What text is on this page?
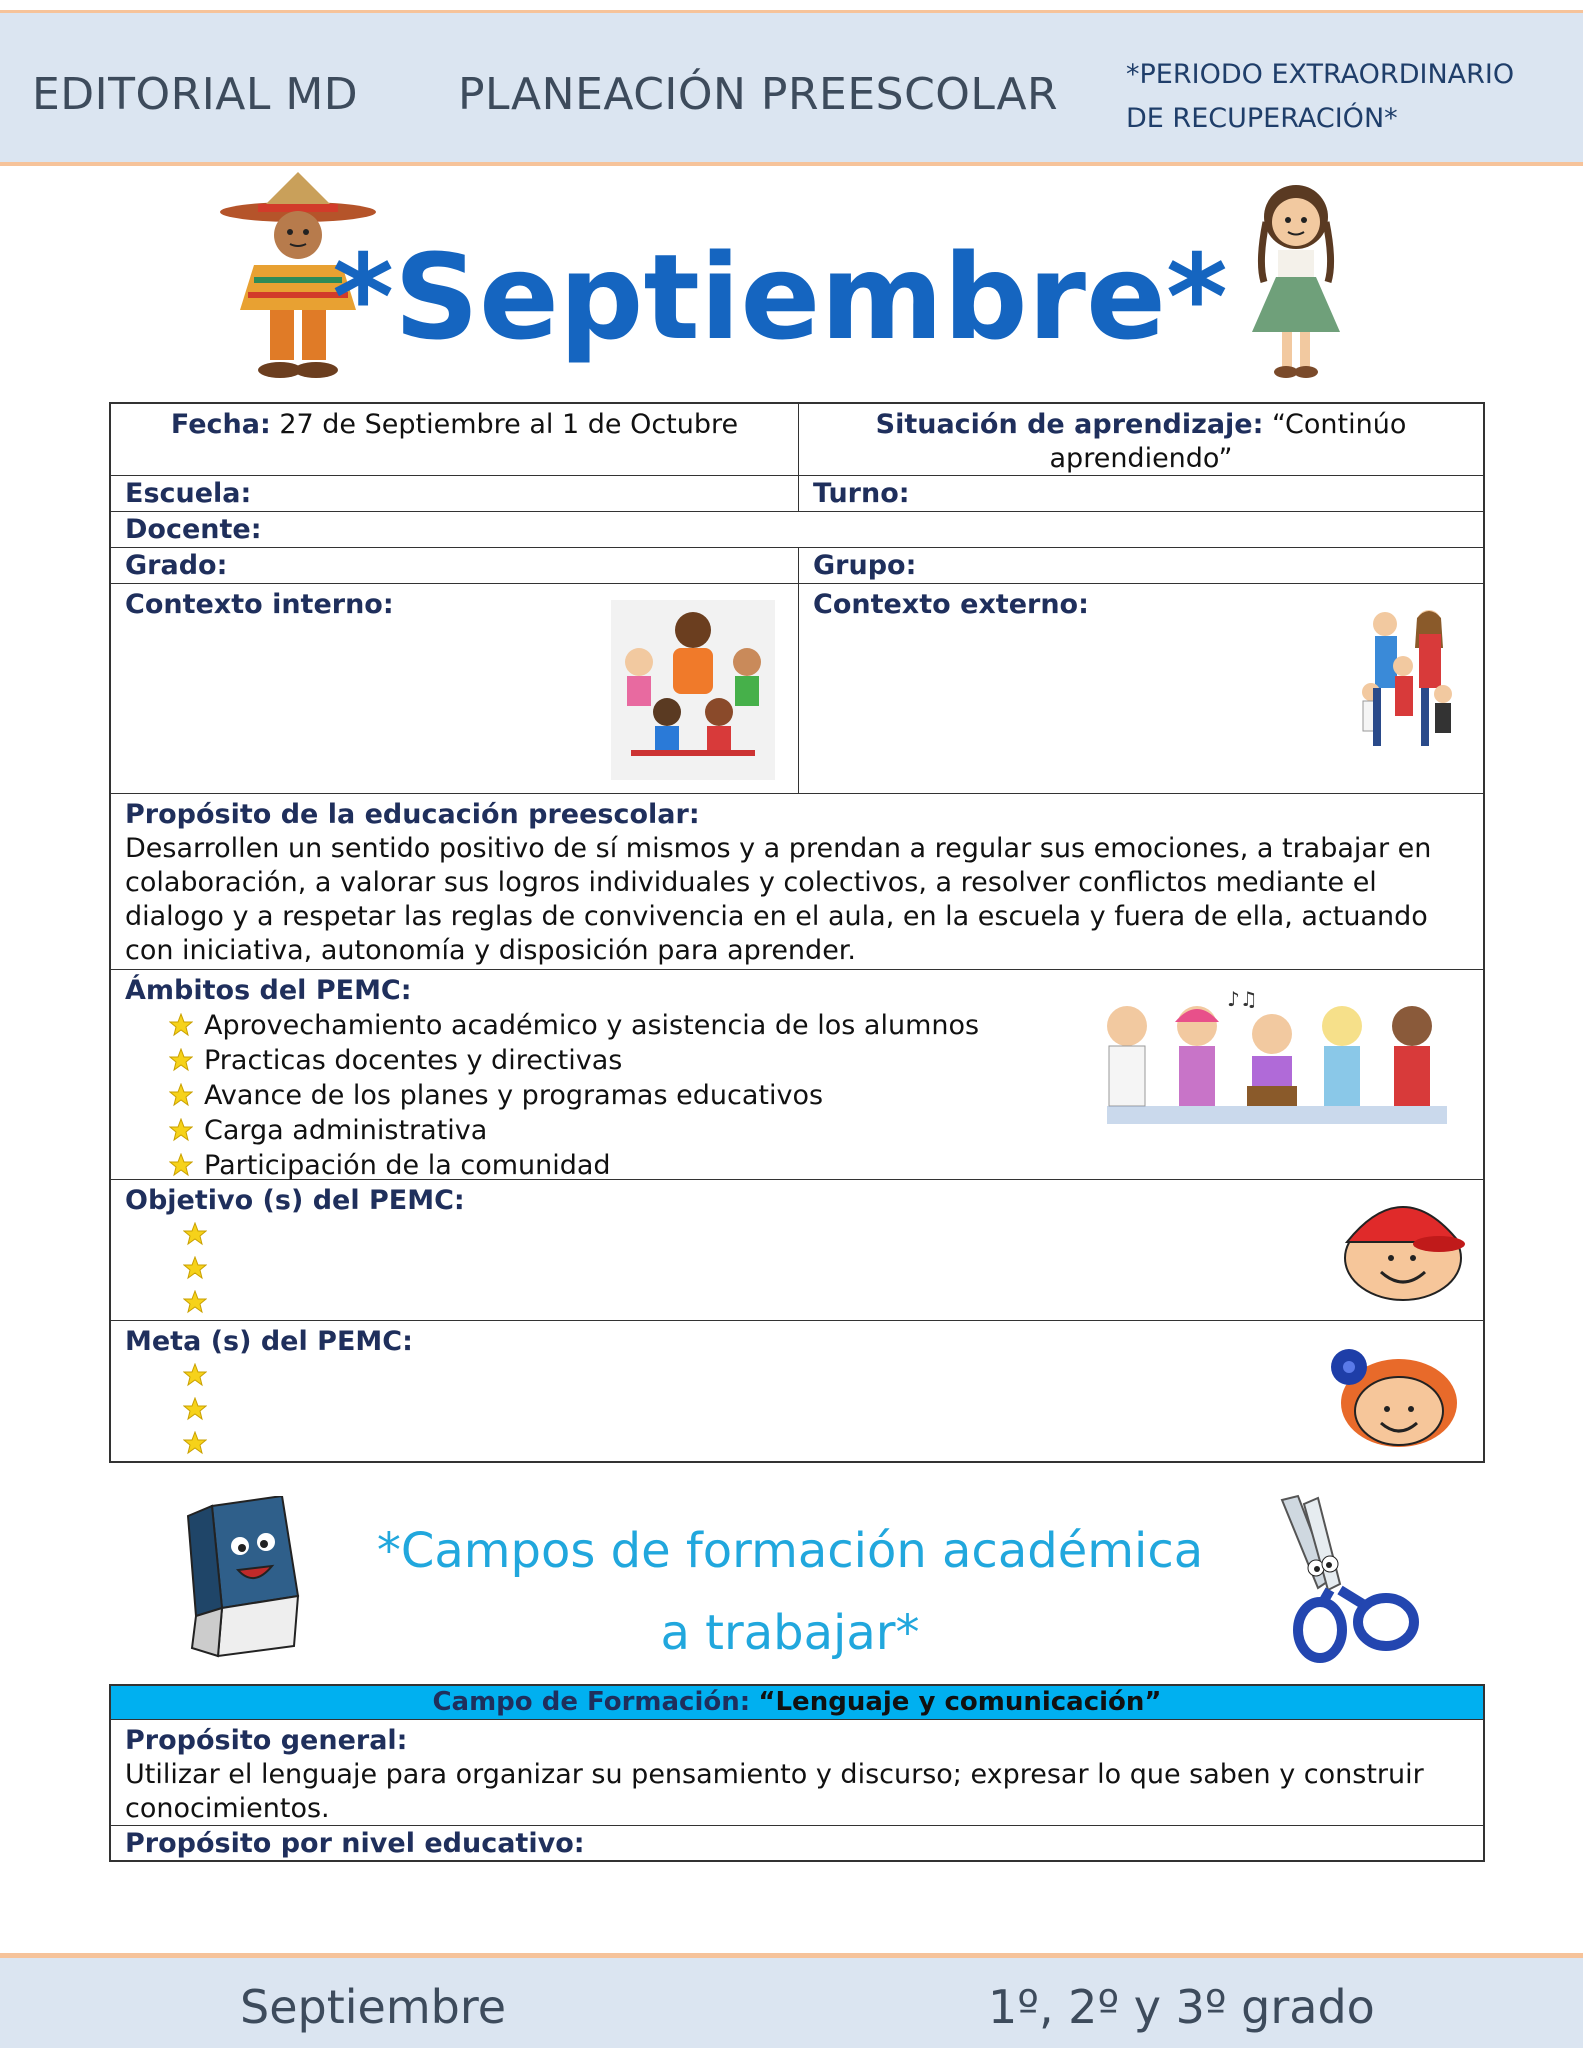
EDITORIAL MD PLANEACIÓN PREESCOLAR	*PERIODO EXTRAORDINARIO
DE RECUPERACIÓN*
*Septiembre*
Fecha: 27 de Septiembre al 1 de Octubre	Situación de aprendizaje: “Continúo aprendiendo”
Escuela:	Turno:
Docente:
Grado:	Grupo:
Contexto interno:	Contexto externo:
Propósito de la educación preescolar:
Desarrollen un sentido positivo de sí mismos y a prendan a regular sus emociones, a trabajar en colaboración, a valorar sus logros individuales y colectivos, a resolver conflictos mediante el dialogo y a respetar las reglas de convivencia en el aula, en la escuela y fuera de ella, actuando con iniciativa, autonomía y disposición para aprender.
Ámbitos del PEMC:
Aprovechamiento académico y asistencia de los alumnos
Practicas docentes y directivas
Avance de los planes y programas educativos
Carga administrativa
Participación de la comunidad
♪♫
Objetivo (s) del PEMC:
Meta (s) del PEMC:
*Campos de formación académica
a trabajar*
Campo de Formación: “Lenguaje y comunicación”
Propósito general:
Utilizar el lenguaje para organizar su pensamiento y discurso; expresar lo que saben y construir conocimientos.
Propósito por nivel educativo:
Septiembre	1º, 2º y 3º grado
